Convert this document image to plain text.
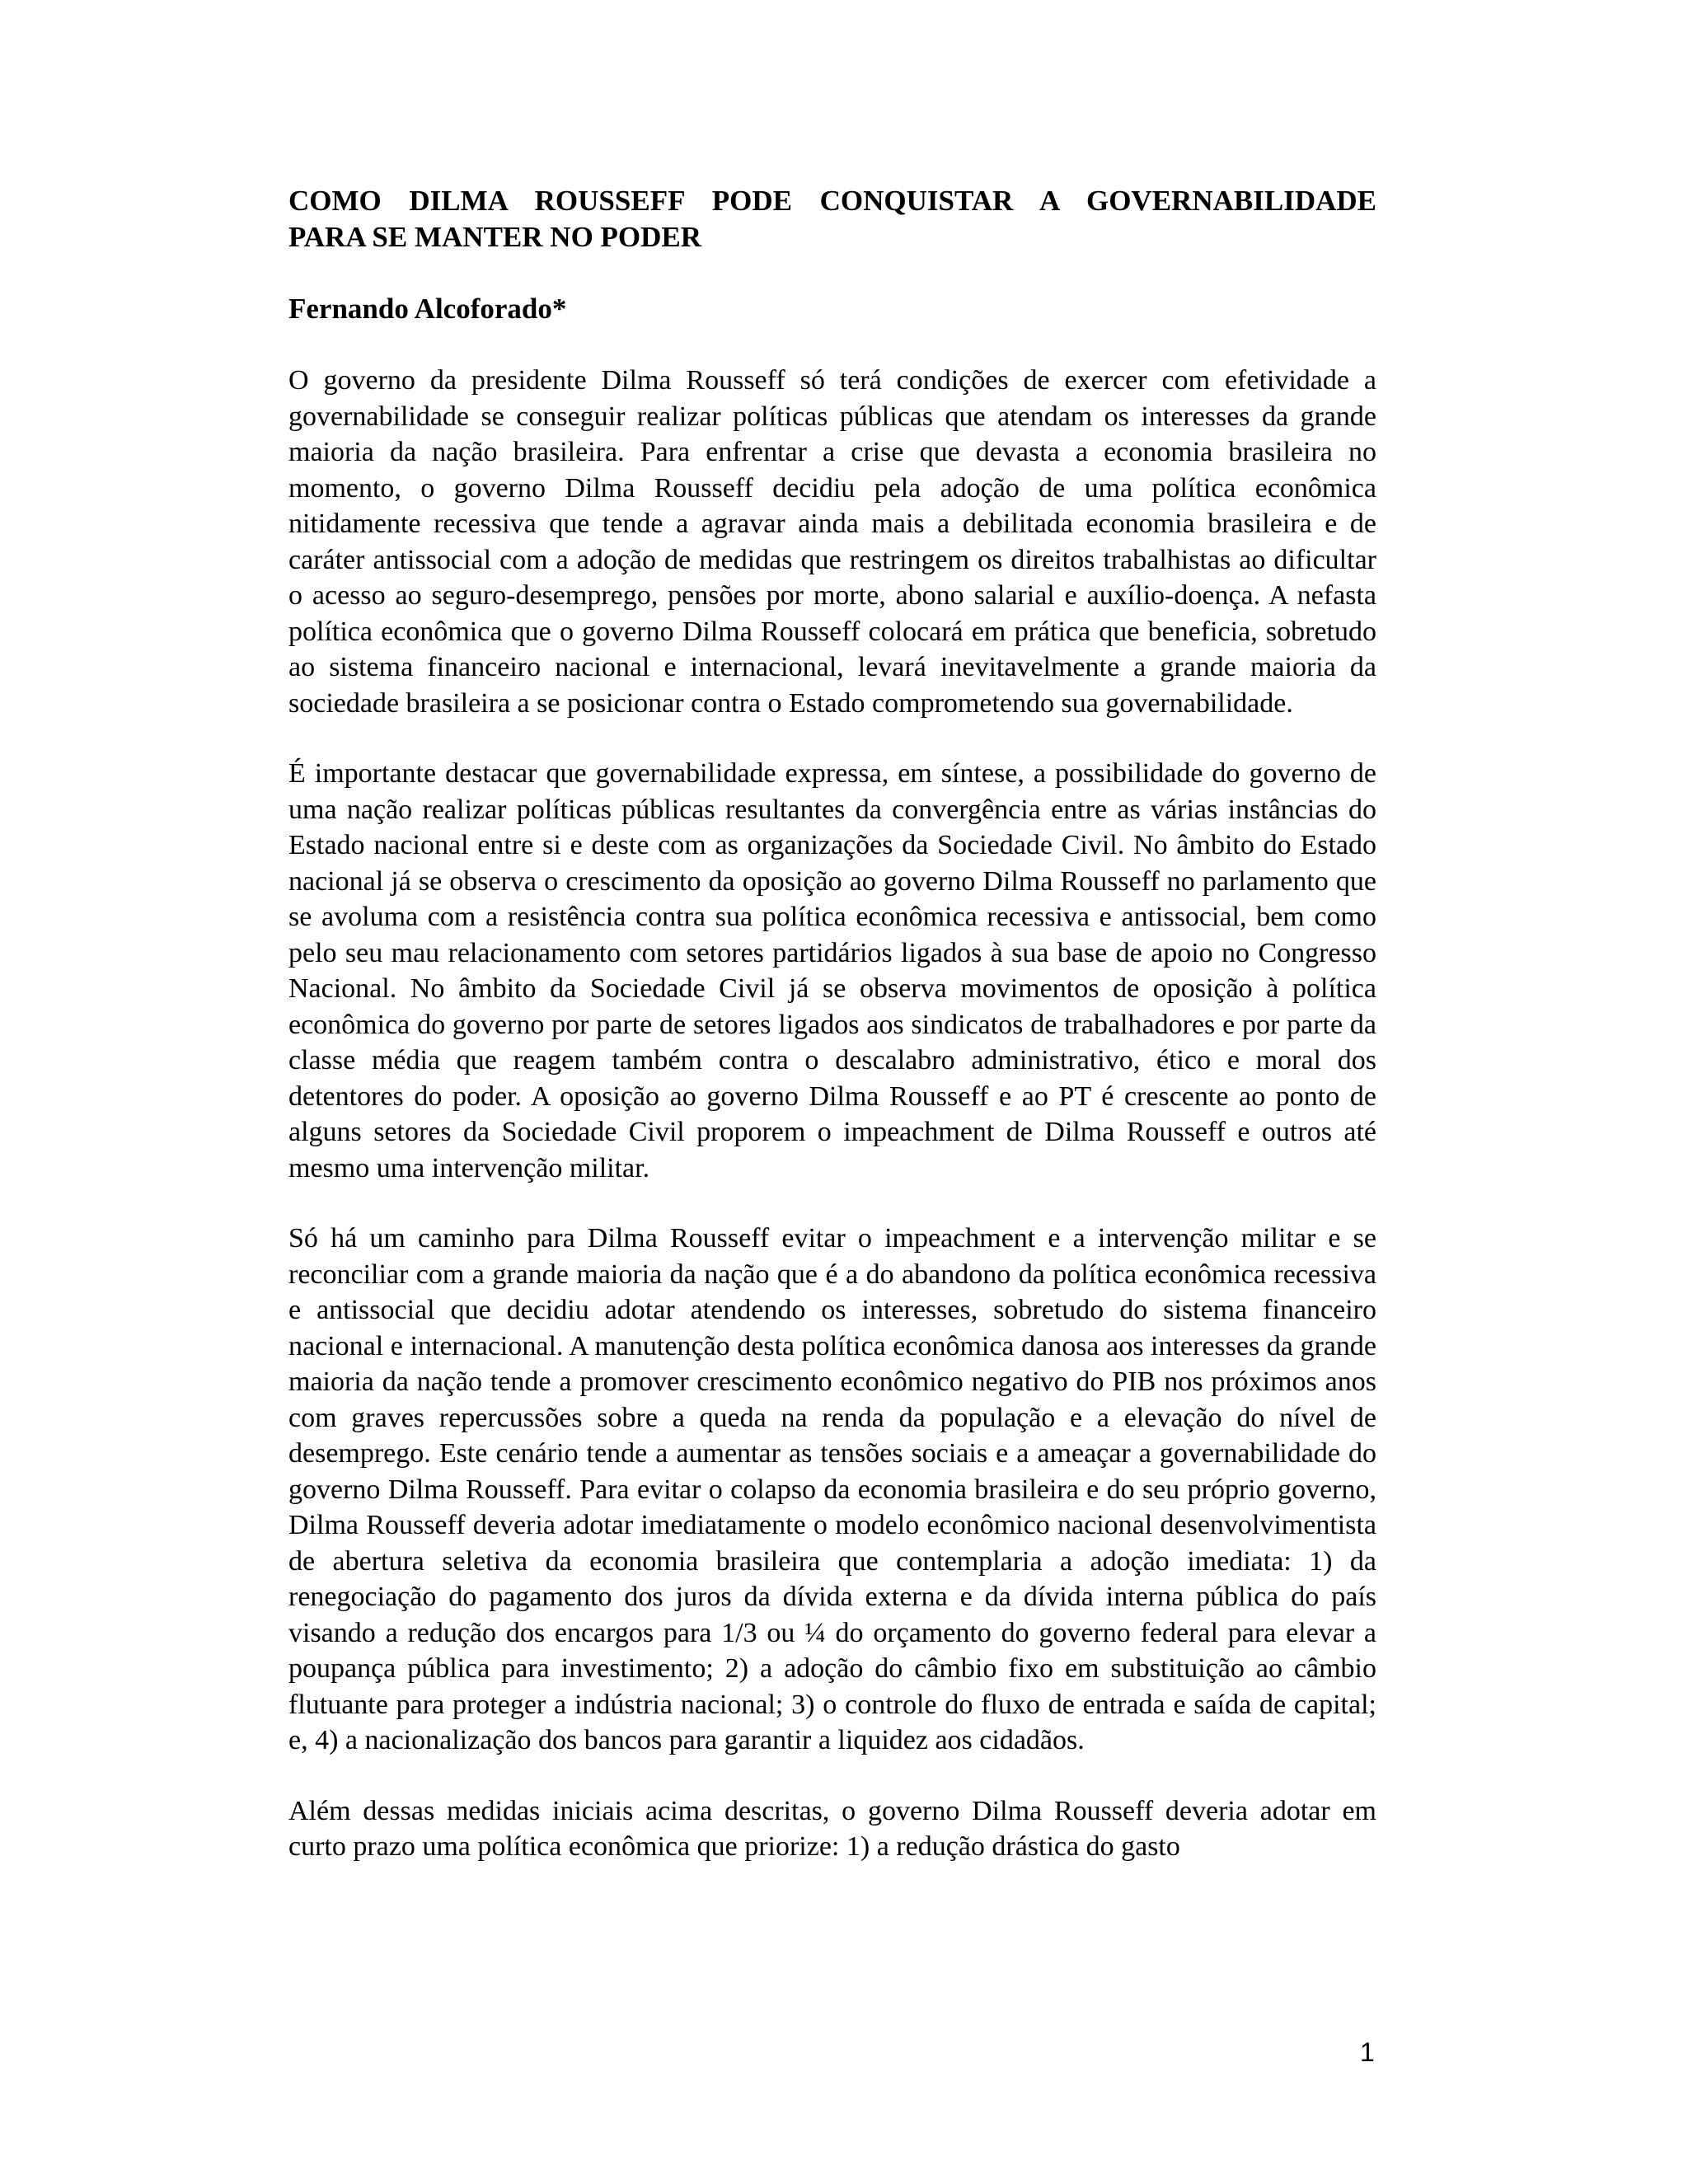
COMO DILMA ROUSSEFF PODE CONQUISTAR A GOVERNABILIDADE
PARA SE MANTER NO PODER

Fernando Alcoforado*

O governo da presidente Dilma Rousseff só terá condições de exercer com efetividade a governabilidade se conseguir realizar políticas públicas que atendam os interesses da grande maioria da nação brasileira. Para enfrentar a crise que devasta a economia brasileira no momento, o governo Dilma Rousseff decidiu pela adoção de uma política econômica nitidamente recessiva que tende a agravar ainda mais a debilitada economia brasileira e de caráter antissocial com a adoção de medidas que restringem os direitos trabalhistas ao dificultar o acesso ao seguro-desemprego, pensões por morte, abono salarial e auxílio-doença. A nefasta política econômica que o governo Dilma Rousseff colocará em prática que beneficia, sobretudo ao sistema financeiro nacional e internacional, levará inevitavelmente a grande maioria da sociedade brasileira a se posicionar contra o Estado comprometendo sua governabilidade.

É importante destacar que governabilidade expressa, em síntese, a possibilidade do governo de uma nação realizar políticas públicas resultantes da convergência entre as várias instâncias do Estado nacional entre si e deste com as organizações da Sociedade Civil. No âmbito do Estado nacional já se observa o crescimento da oposição ao governo Dilma Rousseff no parlamento que se avoluma com a resistência contra sua política econômica recessiva e antissocial, bem como pelo seu mau relacionamento com setores partidários ligados à sua base de apoio no Congresso Nacional. No âmbito da Sociedade Civil já se observa movimentos de oposição à política econômica do governo por parte de setores ligados aos sindicatos de trabalhadores e por parte da classe média que reagem também contra o descalabro administrativo, ético e moral dos detentores do poder. A oposição ao governo Dilma Rousseff e ao PT é crescente ao ponto de alguns setores da Sociedade Civil proporem o impeachment de Dilma Rousseff e outros até mesmo uma intervenção militar.

Só há um caminho para Dilma Rousseff evitar o impeachment e a intervenção militar e se reconciliar com a grande maioria da nação que é a do abandono da política econômica recessiva e antissocial que decidiu adotar atendendo os interesses, sobretudo do sistema financeiro nacional e internacional. A manutenção desta política econômica danosa aos interesses da grande maioria da nação tende a promover crescimento econômico negativo do PIB nos próximos anos com graves repercussões sobre a queda na renda da população e a elevação do nível de desemprego. Este cenário tende a aumentar as tensões sociais e a ameaçar a governabilidade do governo Dilma Rousseff. Para evitar o colapso da economia brasileira e do seu próprio governo, Dilma Rousseff deveria adotar imediatamente o modelo econômico nacional desenvolvimentista de abertura seletiva da economia brasileira que contemplaria a adoção imediata: 1) da renegociação do pagamento dos juros da dívida externa e da dívida interna pública do país visando a redução dos encargos para 1/3 ou ¼ do orçamento do governo federal para elevar a poupança pública para investimento; 2) a adoção do câmbio fixo em substituição ao câmbio flutuante para proteger a indústria nacional; 3) o controle do fluxo de entrada e saída de capital; e, 4) a nacionalização dos bancos para garantir a liquidez aos cidadãos.

Além dessas medidas iniciais acima descritas, o governo Dilma Rousseff deveria adotar em curto prazo uma política econômica que priorize: 1) a redução drástica do gasto

1
